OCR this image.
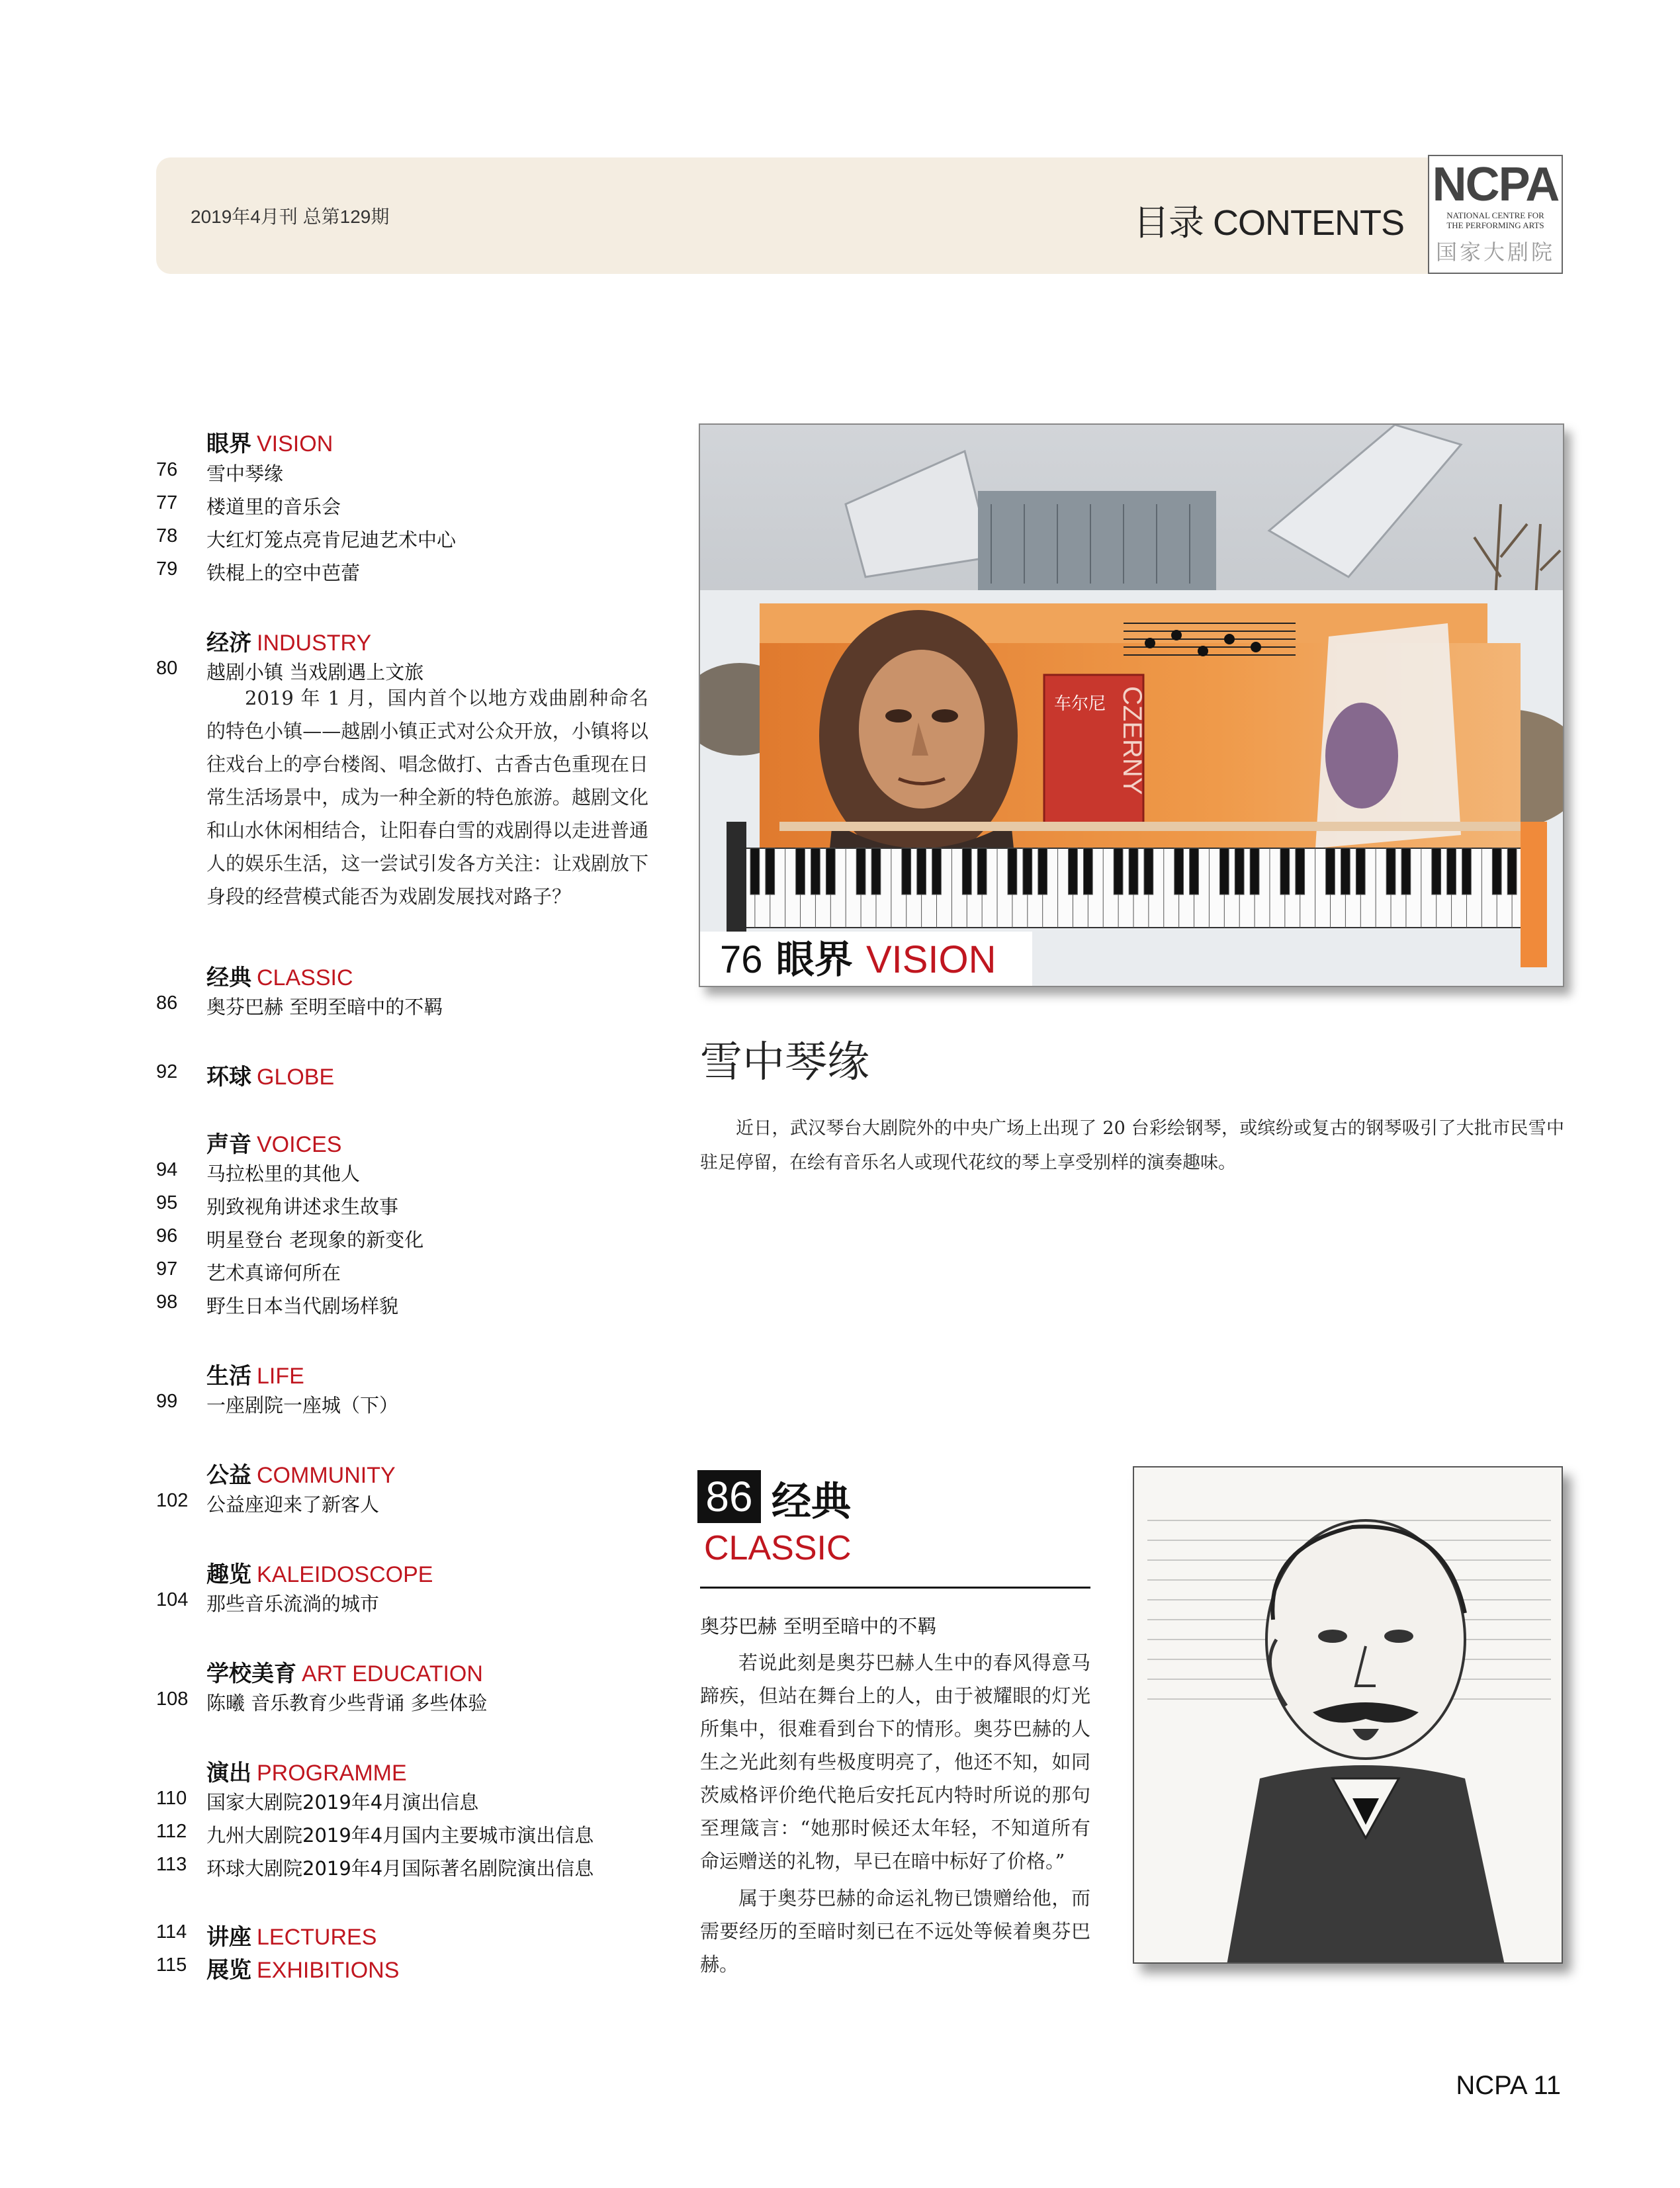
2019年4月刊 总第129期	目录 CONTENTS
NCPA
NATIONAL CENTRE FOR
THE PERFORMING ARTS
国家大剧院
眼界 VISION
76 雪中琴缘
77 楼道里的音乐会
78 大红灯笼点亮肯尼迪艺术中心
79 铁棍上的空中芭蕾
经济 INDUSTRY
80 越剧小镇 当戏剧遇上文旅
2019 年 1 月，国内首个以地方戏曲剧种命名的特色小镇——越剧小镇正式对公众开放，小镇将以往戏台上的亭台楼阁、唱念做打、古香古色重现在日常生活场景中，成为一种全新的特色旅游。越剧文化和山水休闲相结合，让阳春白雪的戏剧得以走进普通人的娱乐生活，这一尝试引发各方关注：让戏剧放下身段的经营模式能否为戏剧发展找对路子？
经典 CLASSIC
86 奥芬巴赫 至明至暗中的不羁
92 环球 GLOBE
声音 VOICES
94 马拉松里的其他人
95 别致视角讲述求生故事
96 明星登台 老现象的新变化
97 艺术真谛何所在
98 野生日本当代剧场样貌
生活 LIFE
99 一座剧院一座城（下）
公益 COMMUNITY
102 公益座迎来了新客人
趣览 KALEIDOSCOPE
104 那些音乐流淌的城市
学校美育 ART EDUCATION
108 陈曦 音乐教育少些背诵 多些体验
演出 PROGRAMME
110 国家大剧院2019年4月演出信息
112 九州大剧院2019年4月国内主要城市演出信息
113 环球大剧院2019年4月国际著名剧院演出信息
114 讲座 LECTURES
115 展览 EXHIBITIONS
车尔尼 CZERNY
76 眼界 VISION
雪中琴缘
近日，武汉琴台大剧院外的中央广场上出现了 20 台彩绘钢琴，或缤纷或复古的钢琴吸引了大批市民雪中驻足停留，在绘有音乐名人或现代花纹的琴上享受别样的演奏趣味。
86 经典
CLASSIC
奥芬巴赫 至明至暗中的不羁

若说此刻是奥芬巴赫人生中的春风得意马蹄疾，但站在舞台上的人，由于被耀眼的灯光所集中，很难看到台下的情形。奥芬巴赫的人生之光此刻有些极度明亮了，他还不知，如同茨威格评价绝代艳后安托瓦内特时所说的那句至理箴言：“她那时候还太年轻，不知道所有命运赠送的礼物，早已在暗中标好了价格。”

属于奥芬巴赫的命运礼物已馈赠给他，而需要经历的至暗时刻已在不远处等候着奥芬巴赫。

NCPA 11
